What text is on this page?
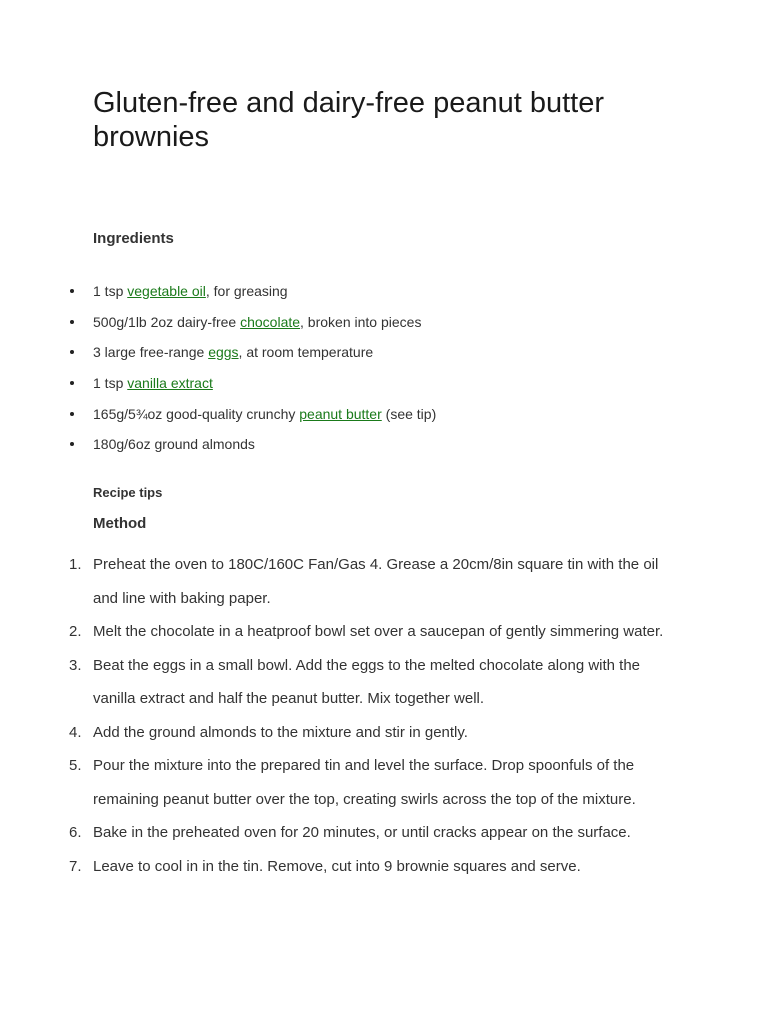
Gluten-free and dairy-free peanut butter brownies
Ingredients
1 tsp vegetable oil, for greasing
500g/1lb 2oz dairy-free chocolate, broken into pieces
3 large free-range eggs, at room temperature
1 tsp vanilla extract
165g/5¾oz good-quality crunchy peanut butter (see tip)
180g/6oz ground almonds
Recipe tips
Method
1. Preheat the oven to 180C/160C Fan/Gas 4. Grease a 20cm/8in square tin with the oil and line with baking paper.
2. Melt the chocolate in a heatproof bowl set over a saucepan of gently simmering water.
3. Beat the eggs in a small bowl. Add the eggs to the melted chocolate along with the vanilla extract and half the peanut butter. Mix together well.
4. Add the ground almonds to the mixture and stir in gently.
5. Pour the mixture into the prepared tin and level the surface. Drop spoonfuls of the remaining peanut butter over the top, creating swirls across the top of the mixture.
6. Bake in the preheated oven for 20 minutes, or until cracks appear on the surface.
7. Leave to cool in in the tin. Remove, cut into 9 brownie squares and serve.
